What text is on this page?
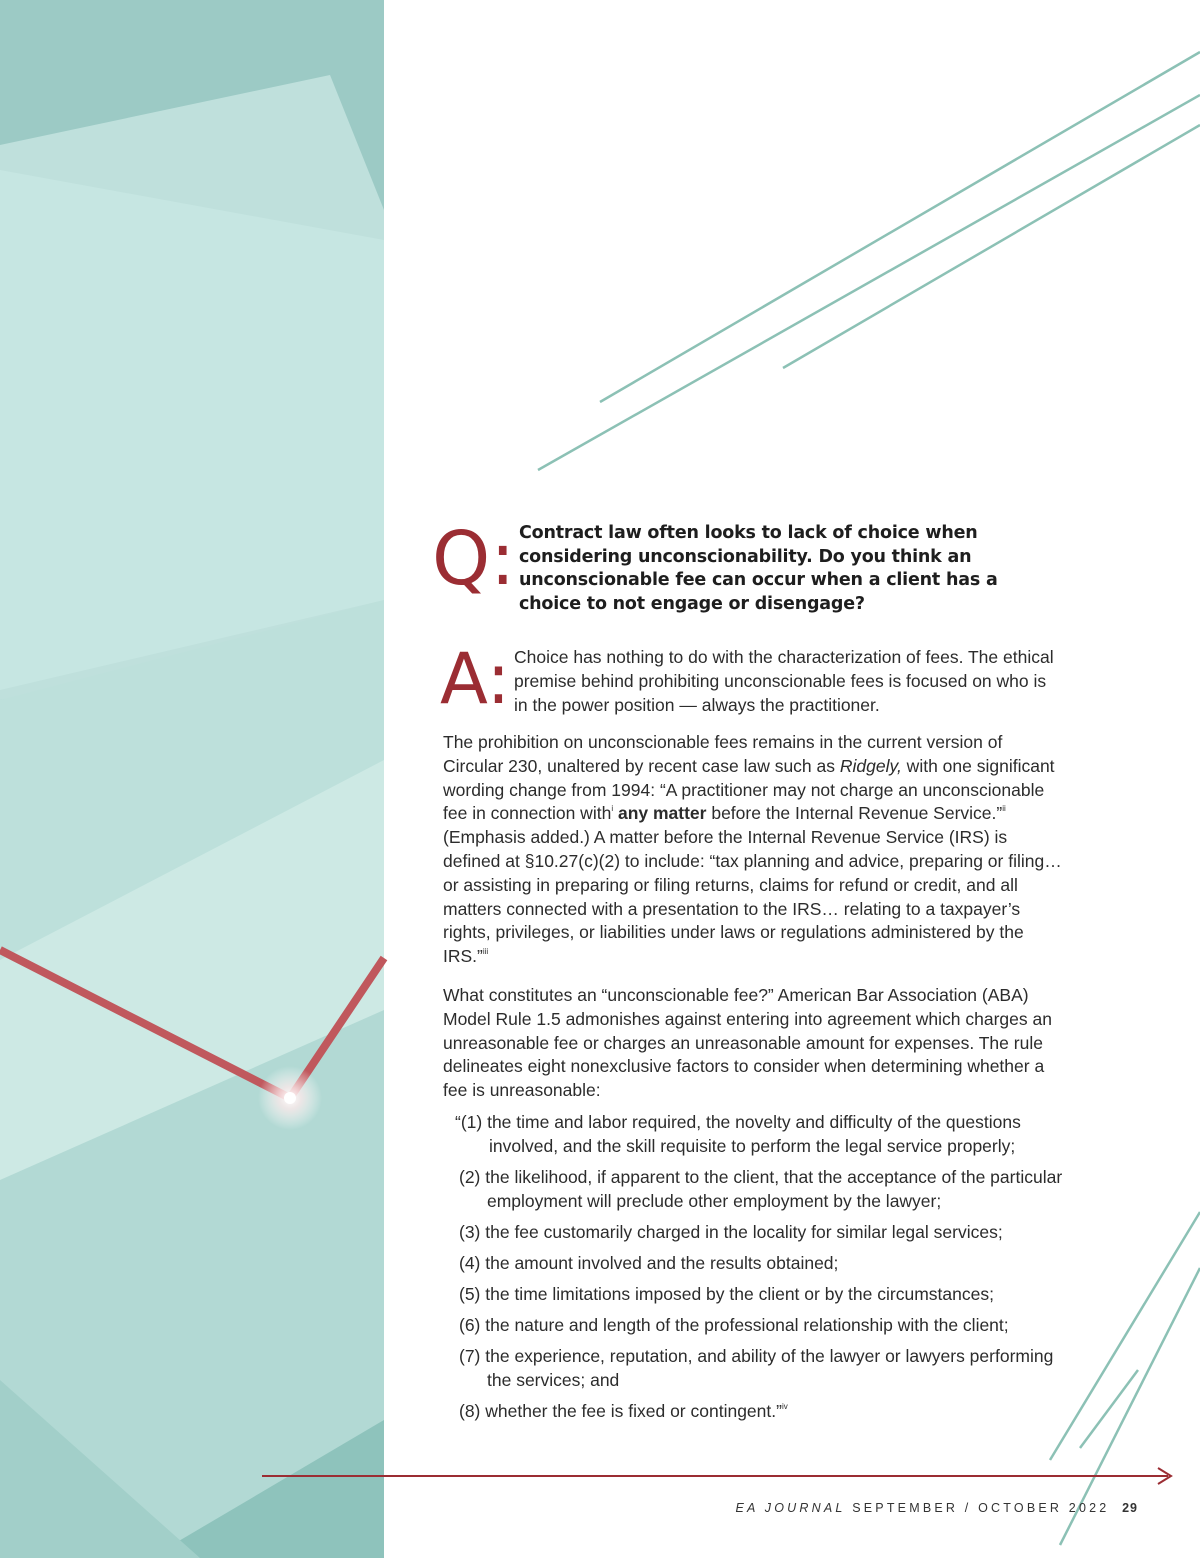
Q: Contract law often looks to lack of choice when considering unconscionability. Do you think an unconscionable fee can occur when a client has a choice to not engage or disengage?
A: Choice has nothing to do with the characterization of fees. The ethical premise behind prohibiting unconscionable fees is focused on who is in the power position — always the practitioner.
The prohibition on unconscionable fees remains in the current version of Circular 230, unaltered by recent case law such as Ridgely, with one significant wording change from 1994: “A practitioner may not charge an unconscionable fee in connection with$^i$ any matter before the Internal Revenue Service.”$^{ii}$ (Emphasis added.) A matter before the Internal Revenue Service (IRS) is defined at §10.27(c)(2) to include: “tax planning and advice, preparing or filing…or assisting in preparing or filing returns, claims for refund or credit, and all matters connected with a presentation to the IRS… relating to a taxpayer’s rights, privileges, or liabilities under laws or regulations administered by the IRS.”$^{iii}$
What constitutes an “unconscionable fee?” American Bar Association (ABA) Model Rule 1.5 admonishes against entering into agreement which charges an unreasonable fee or charges an unreasonable amount for expenses. The rule delineates eight nonexclusive factors to consider when determining whether a fee is unreasonable:
“(1) the time and labor required, the novelty and difficulty of the questions involved, and the skill requisite to perform the legal service properly;
(2) the likelihood, if apparent to the client, that the acceptance of the particular employment will preclude other employment by the lawyer;
(3) the fee customarily charged in the locality for similar legal services;
(4) the amount involved and the results obtained;
(5) the time limitations imposed by the client or by the circumstances;
(6) the nature and length of the professional relationship with the client;
(7) the experience, reputation, and ability of the lawyer or lawyers performing the services; and
(8) whether the fee is fixed or contingent.”$^{iv}$
EA JOURNAL SEPTEMBER / OCTOBER 2022 29
